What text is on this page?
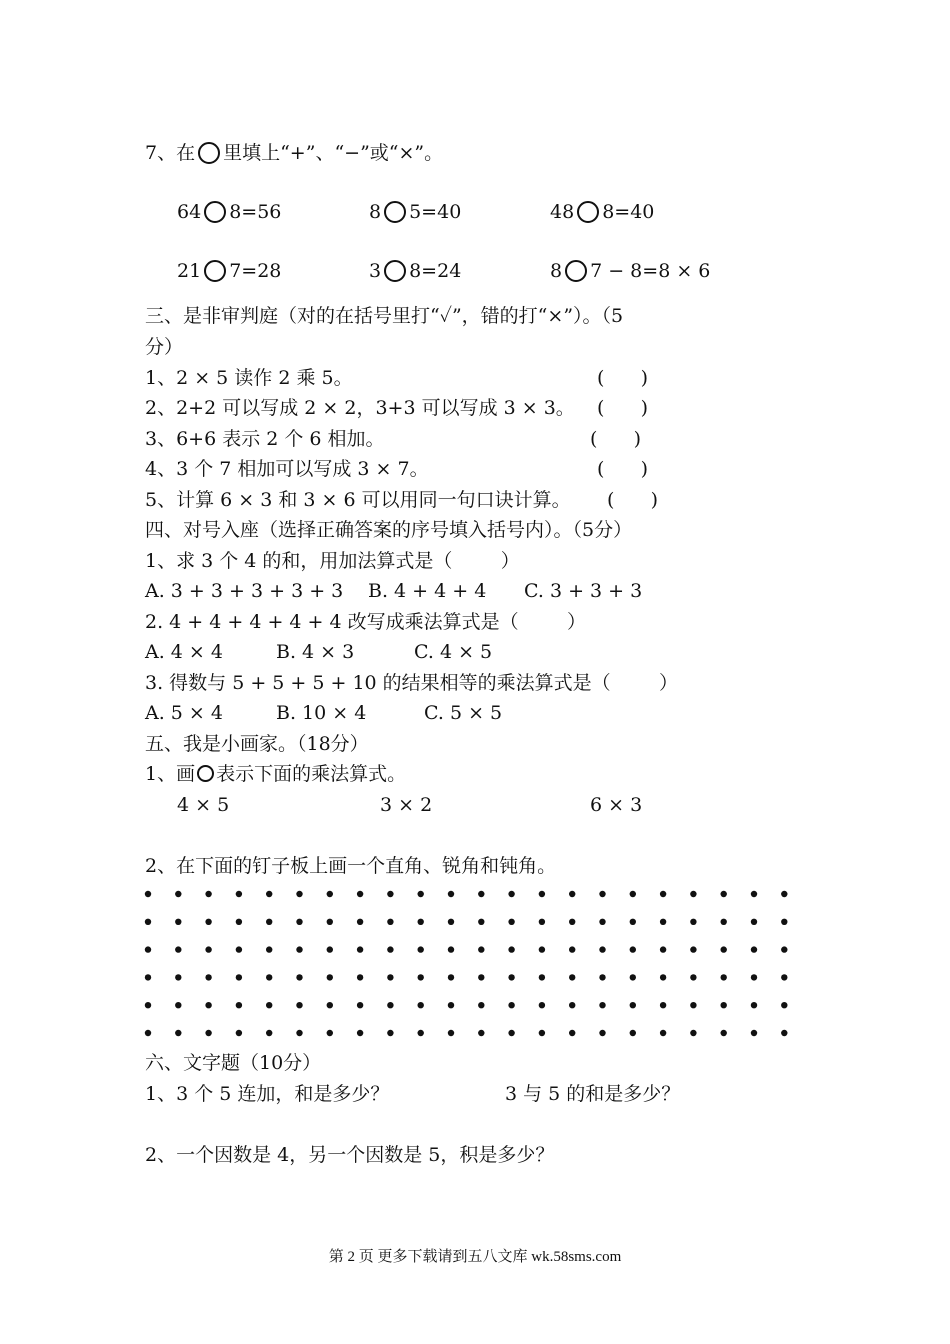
7、在 里填上“+”、“−”或“×”。
64 8=56	8 5=40	48 8=40
21 7=28	3 8=24	8 7 − 8=8 × 6
三、是非审判庭（对的在括号里打“✓”，错的打“×”）。（5
分）
1、2 × 5 读作 2 乘 5。	(      )
2、2+2 可以写成 2 × 2，3+3 可以写成 3 × 3。 (      )
3、6+6 表示 2 个 6 相加。	(      )
4、3 个 7 相加可以写成 3 × 7。	(      )
5、计算 6 × 3 和 3 × 6 可以用同一句口诀计算。 (      )
四、对号入座（选择正确答案的序号填入括号内）。（5分）
1、求 3 个 4 的和，用加法算式是（        ）
A. 3 + 3 + 3 + 3 + 3 B. 4 + 4 + 4 C. 3 + 3 + 3
2. 4 + 4 + 4 + 4 + 4 改写成乘法算式是（        ）
A. 4 × 4	B. 4 × 3	C. 4 × 5
3. 得数与 5 + 5 + 5 + 10 的结果相等的乘法算式是（        ）
A. 5 × 4	B. 10 × 4	C. 5 × 5
五、我是小画家。（18分）
1、画 表示下面的乘法算式。
4 × 5	3 × 2	6 × 3
2、在下面的钉子板上画一个直角、锐角和钝角。
六、文字题（10分）
1、3 个 5 连加，和是多少？	3 与 5 的和是多少？
2、一个因数是 4，另一个因数是 5，积是多少？
第 2 页 更多下载请到五八文库 wk.58sms.com
